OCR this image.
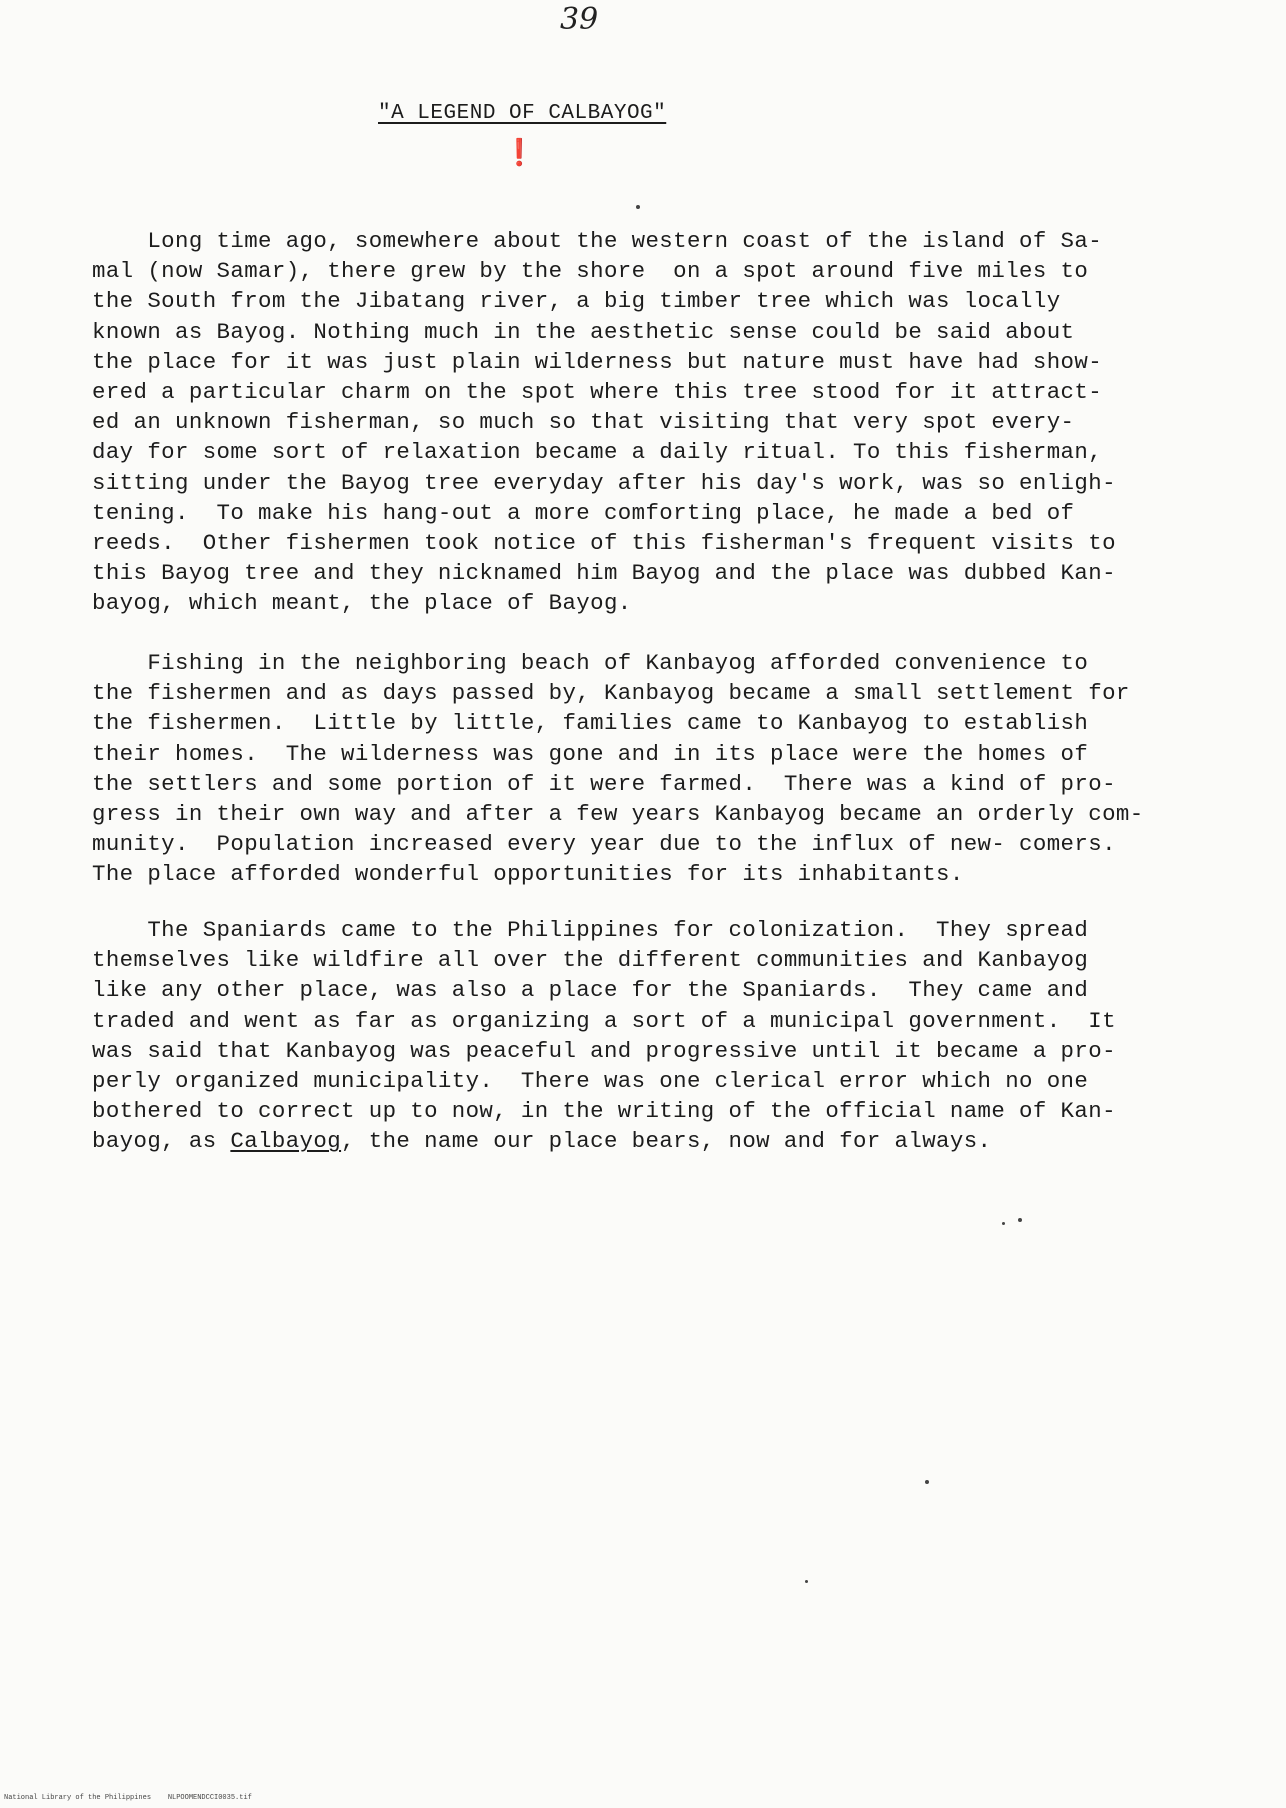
39
"A LEGEND OF CALBAYOG"
❗
Long time ago, somewhere about the western coast of the island of Sa-
mal (now Samar), there grew by the shore  on a spot around five miles to
the South from the Jibatang river, a big timber tree which was locally
known as Bayog. Nothing much in the aesthetic sense could be said about
the place for it was just plain wilderness but nature must have had show-
ered a particular charm on the spot where this tree stood for it attract-
ed an unknown fisherman, so much so that visiting that very spot every-
day for some sort of relaxation became a daily ritual. To this fisherman,
sitting under the Bayog tree everyday after his day's work, was so enligh-
tening.  To make his hang-out a more comforting place, he made a bed of
reeds.  Other fishermen took notice of this fisherman's frequent visits to
this Bayog tree and they nicknamed him Bayog and the place was dubbed Kan-
bayog, which meant, the place of Bayog.
Fishing in the neighboring beach of Kanbayog afforded convenience to
the fishermen and as days passed by, Kanbayog became a small settlement for
the fishermen.  Little by little, families came to Kanbayog to establish
their homes.  The wilderness was gone and in its place were the homes of
the settlers and some portion of it were farmed.  There was a kind of pro-
gress in their own way and after a few years Kanbayog became an orderly com-
munity.  Population increased every year due to the influx of new- comers.
The place afforded wonderful opportunities for its inhabitants.
The Spaniards came to the Philippines for colonization.  They spread
themselves like wildfire all over the different communities and Kanbayog
like any other place, was also a place for the Spaniards.  They came and
traded and went as far as organizing a sort of a municipal government.  It
was said that Kanbayog was peaceful and progressive until it became a pro-
perly organized municipality.  There was one clerical error which no one
bothered to correct up to now, in the writing of the official name of Kan-
bayog, as Calbayog, the name our place bears, now and for always.
National Library of the Philippines    NLPOOMENDCCI0035.tif
